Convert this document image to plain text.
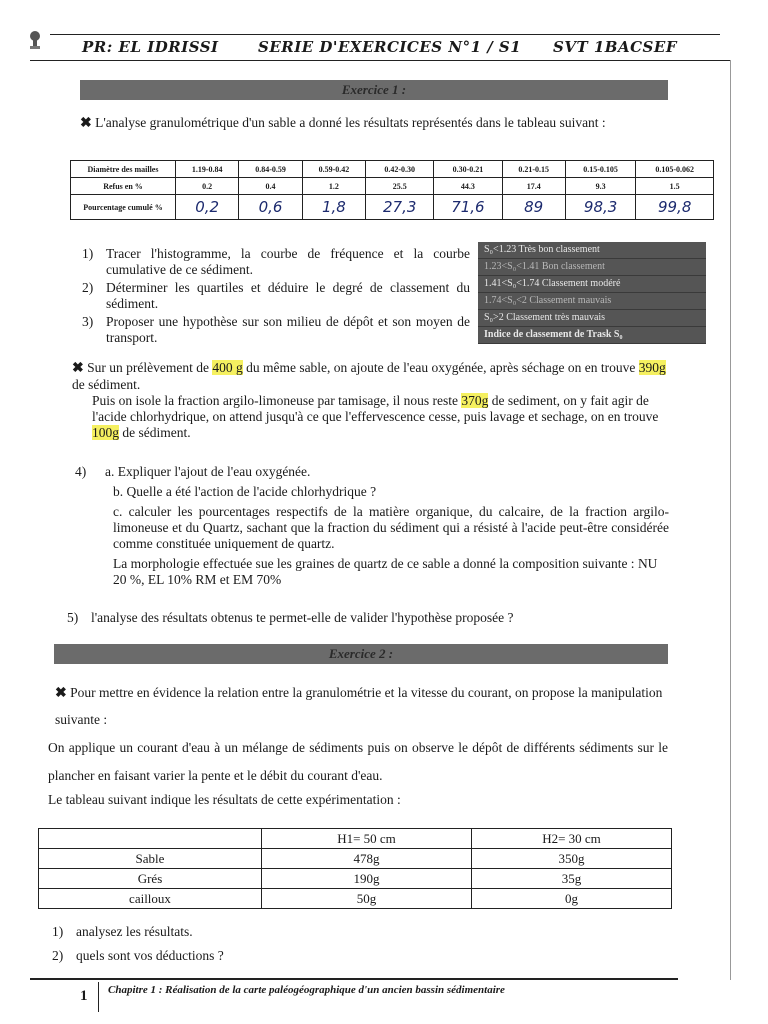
PR: EL IDRISSI	SERIE D'EXERCICES N°1 / S1 SVT 1BACSEF
Exercice 1 :
✖ L'analyse granulométrique d'un sable a donné les résultats représentés dans le tableau suivant :
Diamètre des mailles	1.19-0.84	0.84-0.59	0.59-0.42	0.42-0.30	0.30-0.21	0.21-0.15	0.15-0.105	0.105-0.062
Refus en %	0.2	0.4	1.2	25.5	44.3	17.4	9.3	1.5
Pourcentage cumulé %	0,2	0,6	1,8	27,3	71,6	89	98,3	99,8
1) Tracer l'histogramme, la courbe de fréquence et la courbe cumulative de ce sédiment.
2) Déterminer les quartiles et déduire le degré de classement du sédiment.
3) Proposer une hypothèse sur son milieu de dépôt et son moyen de transport.
S₀<1.23 Très bon classement
1.23<S₀<1.41 Bon classement
1.41<S₀<1.74 Classement modéré
1.74<S₀<2 Classement mauvais
S₀>2 Classement très mauvais
Indice de classement de Trask S₀

✖ Sur un prélèvement de 400 g du même sable, on ajoute de l'eau oxygénée, après séchage on en trouve 390g de sédiment.

Puis on isole la fraction argilo-limoneuse par tamisage, il nous reste 370g de sediment, on y fait agir de l'acide chlorhydrique, on attend jusqu'à ce que l'effervescence cesse, puis lavage et sechage, on en trouve 100g de sédiment.

4)	a. Expliquer l'ajout de l'eau oxygénée.
b. Quelle a été l'action de l'acide chlorhydrique ?
c. calculer les pourcentages respectifs de la matière organique, du calcaire, de la fraction argilo-limoneuse et du Quartz, sachant que la fraction du sédiment qui a résisté à l'acide peut-être considérée comme constituée uniquement de quartz.
La morphologie effectuée sue les graines de quartz de ce sable a donné la composition suivante : NU 20 %, EL 10% RM et EM 70%
5) l'analyse des résultats obtenus te permet-elle de valider l'hypothèse proposée ?
Exercice 2 :
✖ Pour mettre en évidence la relation entre la granulométrie et la vitesse du courant, on propose la manipulation suivante :
On applique un courant d'eau à un mélange de sédiments puis on observe le dépôt de différents sédiments sur le plancher en faisant varier la pente et le débit du courant d'eau.
Le tableau suivant indique les résultats de cette expérimentation :
	H1= 50 cm	H2= 30 cm
Sable	478g	350g
Grés	190g	35g
cailloux	50g	0g
1) analysez les résultats.
2) quels sont vos déductions ?
1 Chapitre 1 : Réalisation de la carte paléogéographique d'un ancien bassin sédimentaire
